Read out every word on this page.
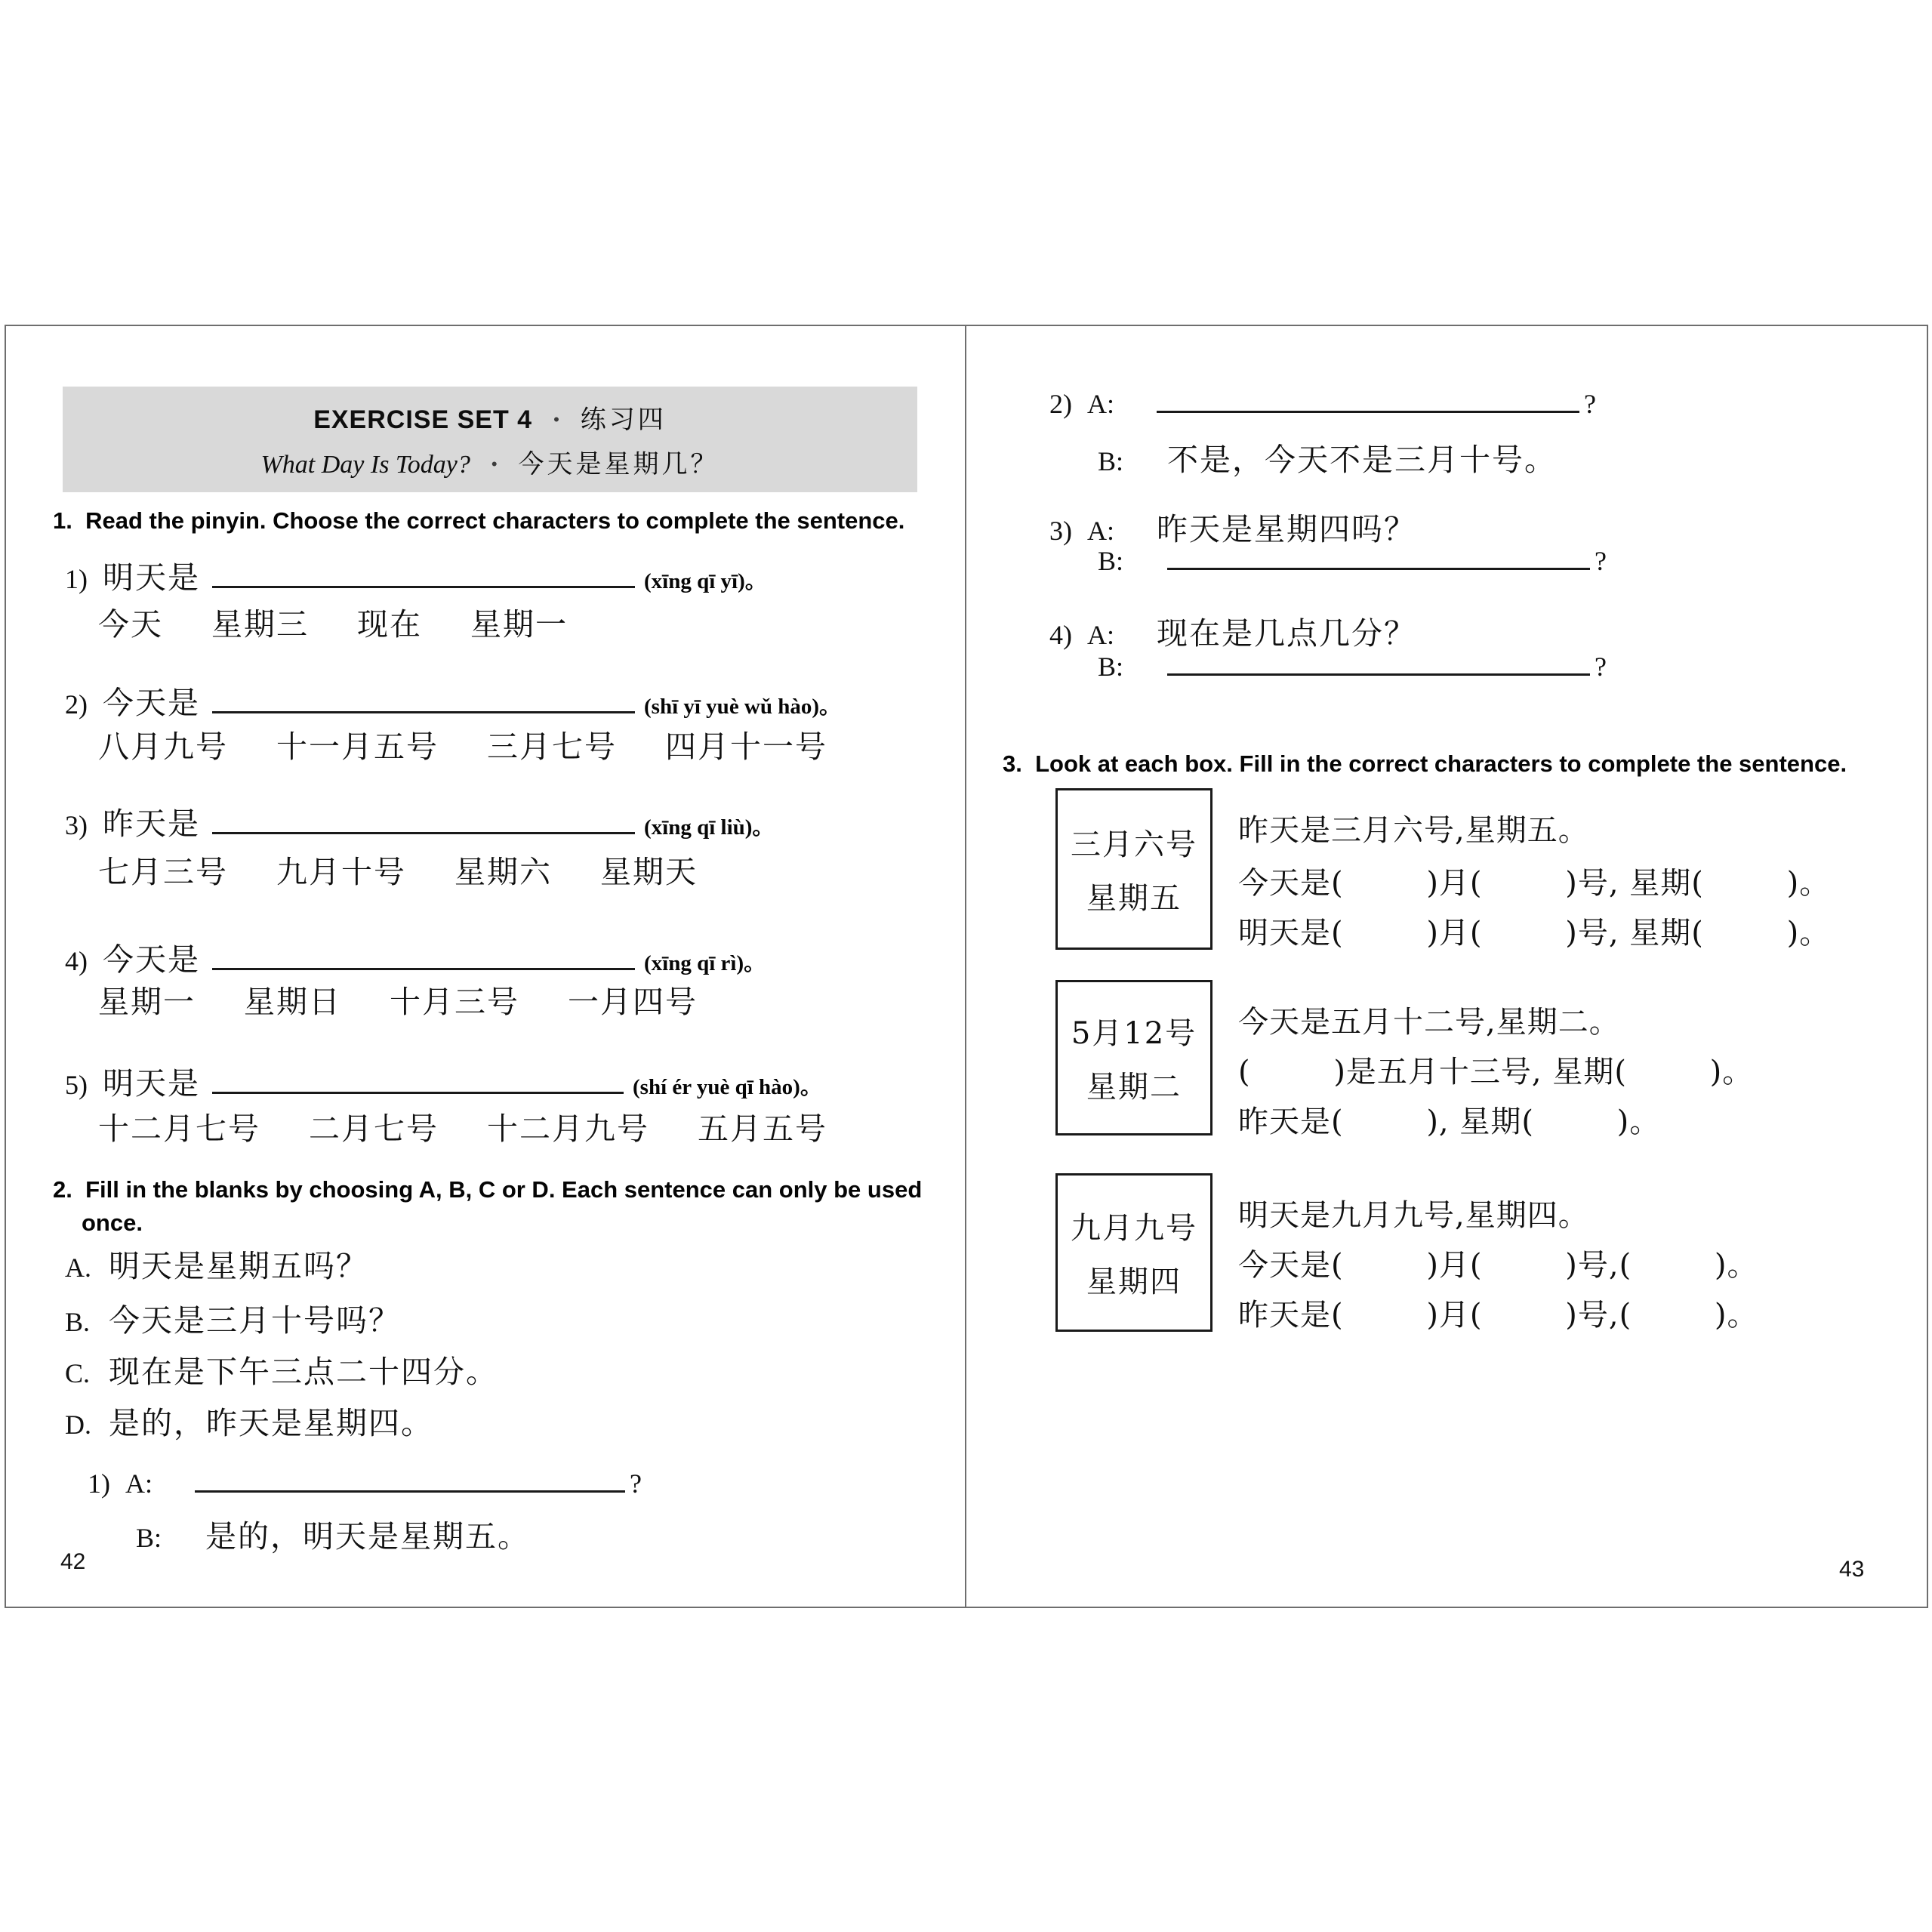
EXERCISE SET 4 • 练习四
What Day Is Today? • 今天是星期几？
1.  Read the pinyin. Choose the correct characters to complete the sentence.
1) 明天是	(xīng qī yī)。
今天 星期三 现在 星期一
2) 今天是	(shī yī yuè wǔ hào)。
八月九号 十一月五号 三月七号 四月十一号
3) 昨天是	(xīng qī liù)。
七月三号 九月十号 星期六 星期天
4) 今天是	(xīng qī rì)。
星期一 星期日 十月三号 一月四号
5) 明天是	(shí ér yuè qī hào)。
十二月七号 二月七号 十二月九号 五月五号
2.  Fill in the blanks by choosing A, B, C or D. Each sentence can only be used
once.
A. 明天是星期五吗？
B. 今天是三月十号吗？
C. 现在是下午三点二十四分。
D. 是的，昨天是星期四。
1) A:	?
B:	是的，明天是星期五。
42
2) A:	?
B:	不是，今天不是三月十号。
3) A:	昨天是星期四吗？
B:	?
4) A:	现在是几点几分？
B:	?
3.  Look at each box. Fill in the correct characters to complete the sentence.
三月六号
星期五
昨天是三月六号,星期五。
今天是(        )月(        )号, 星期(        )。
明天是(        )月(        )号, 星期(        )。
5月12号
星期二
今天是五月十二号,星期二。
(        )是五月十三号, 星期(        )。
昨天是(        ), 星期(        )。
九月九号
星期四
明天是九月九号,星期四。
今天是(        )月(        )号,(        )。
昨天是(        )月(        )号,(        )。
43
